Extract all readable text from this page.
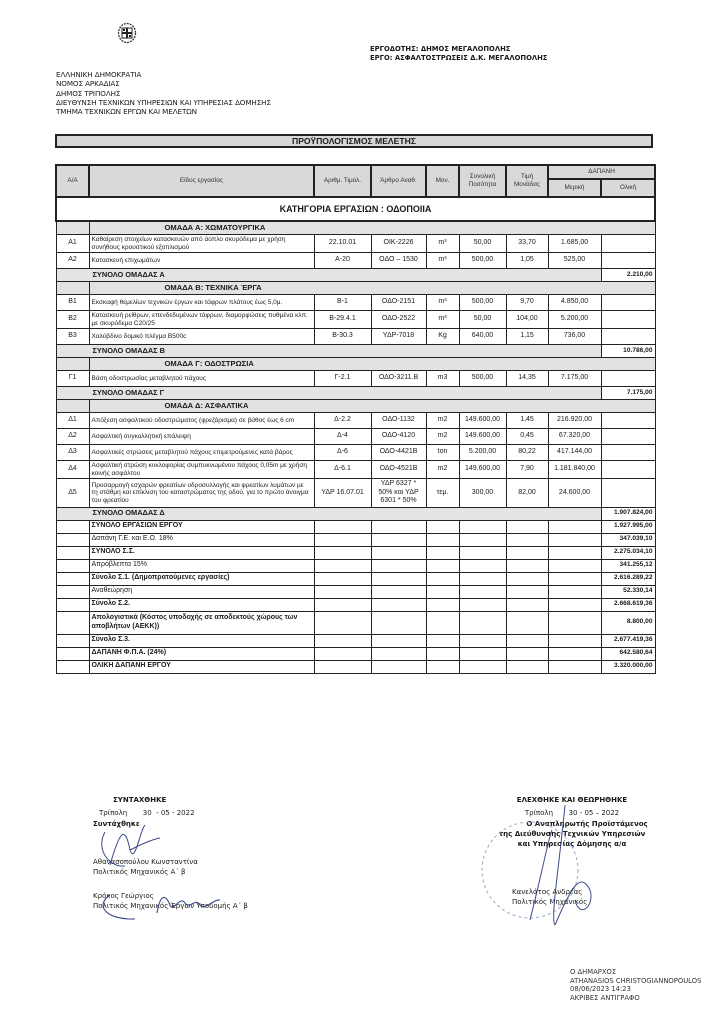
ΕΛΛΗΝΙΚΗ ΔΗΜΟΚΡΑΤΙΑ
ΝΟΜΟΣ ΑΡΚΑΔΙΑΣ
ΔΗΜΟΣ ΤΡΙΠΟΛΗΣ
ΔΙΕΥΘΥΝΣΗ ΤΕΧΝΙΚΩΝ ΥΠΗΡΕΣΙΩΝ ΚΑΙ ΥΠΗΡΕΣΙΑΣ ΔΟΜΗΣΗΣ
ΤΜΗΜΑ ΤΕΧΝΙΚΩΝ ΕΡΓΩΝ ΚΑΙ ΜΕΛΕΤΩΝ
ΕΡΓΟΔΟΤΗΣ: ΔΗΜΟΣ ΜΕΓΑΛΟΠΟΛΗΣ
ΕΡΓΟ: ΑΣΦΑΛΤΟΣΤΡΩΣΕΙΣ Δ.Κ. ΜΕΓΑΛΟΠΟΛΗΣ
ΠΡΟΫΠΟΛΟΓΙΣΜΟΣ ΜΕΛΕΤΗΣ
Α/Α	Είδος εργασίας	Αριθμ. Τιμολ.	Άρθρο Αναθ.	Μον.	Συνολική Ποσότητα	Τιμή Μονάδας	ΔΑΠΑΝΗ	
							Μερική	Ολική
ΚΑΤΗΓΟΡΙΑ ΕΡΓΑΣΙΩΝ : ΟΔΟΠΟΙΙΑ								
	ΟΜΑΔΑ Α: ΧΩΜΑΤΟΥΡΓΙΚΑ							
Α1	Καθαίρεση στοιχείων κατασκευών από άοπλο σκυρόδεμα με χρήση συνήθους κρουστικού εξοπλισμού	22.10.01	ΟΙΚ-2226	m³	50,00	33,70	1.685,00	
Α2	Κατασκευή επιχωμάτων	Α-20	ΟΔΟ – 1530	m³	500,00	1,05	525,00	
ΣΥΝΟΛΟ ΟΜΑΔΑΣ Α								2.210,00
	ΟΜΑΔΑ Β: ΤΕΧΝΙΚΑ ΈΡΓΑ							
Β1	Εκσκαφή θεμελίων τεχνικών έργων και τάφρων πλάτους έως 5,0μ.	Β-1	ΟΔΟ-2151	m³	500,00	9,70	4.850,00	
Β2	Κατασκευή ρείθρων, επενδεδυμένων τάφρων, διαμορφώσεις πυθμένα κλπ. με σκυρόδεμα C20/25	Β-29.4.1	ΟΔΟ-2522	m³	50,00	104,00	5.200,00	
Β3	Χαλύβδινο δομικό πλέγμα Β500c	Β-30.3	ΥΔΡ-7018	Kg	640,00	1,15	736,00	
ΣΥΝΟΛΟ ΟΜΑΔΑΣ Β								10.786,00
	ΟΜΑΔΑ Γ: ΟΔΟΣΤΡΩΣΙΑ							
Γ1	Βάση οδοστρωσίας μεταβλητού πάχους	Γ-2.1	ΟΔΟ-3211.Β	m3	500,00	14,35	7.175,00	
ΣΥΝΟΛΟ ΟΜΑΔΑΣ Γ								7.175,00
	ΟΜΑΔΑ Δ: ΑΣΦΑΛΤΙΚΑ							
Δ1	Απόξεση ασφαλτικού οδοστρώματος (φρεζάρισμα) σε βάθος έως 6 cm	Δ-2.2	ΟΔΟ-1132	m2	149.600,00	1,45	216.920,00	
Δ2	Ασφαλτική συγκολλητική επάλειψη	Δ-4	ΟΔΟ-4120	m2	149.600,00	0,45	67.320,00	
Δ3	Ασφαλτικές στρώσεις μεταβλητού πάχους επιμετρούμενες κατά βάρος	Δ-6	ΟΔΟ-4421Β	ton	5.200,00	80,22	417.144,00	
Δ4	Ασφαλτική στρώση κυκλοφορίας συμπυκνωμένου πάχους 0,05m με χρήση κοινής ασφάλτου	Δ-6.1	ΟΔΟ-4521Β	m2	149.600,00	7,90	1.181.840,00	
Δ5	Προσαρμογή εσχαρών φρεατίων υδροσυλλογής και φρεατίων λυμάτων με τη στάθμη και επίκλιση του καταστρώματος της οδού, για το πρώτο άνοιγμα του φρεατίου	ΥΔΡ 16.07.01	ΥΔΡ 6327 * 50% και ΥΔΡ 6301 * 50%	τεμ.	300,00	82,00	24.600,00	
ΣΥΝΟΛΟ ΟΜΑΔΑΣ Δ								1.907.824,00
	ΣΥΝΟΛΟ ΕΡΓΑΣΙΩΝ ΕΡΓΟΥ							1.927.995,00
	Δαπάνη Γ.Ε. και Ε.Ο. 18%							347.039,10
	ΣΥΝΟΛΟ Σ.Σ.							2.275.034,10
	Απρόβλεπτα 15%							341.255,12
	Σύνολο Σ.1. (Δημοπρατούμενες εργασίες)							2.616.289,22
	Αναθεώρηση							52.330,14
	Σύνολο Σ.2.							2.668.619,36
	Απολογιστικά (Κόστος υποδοχής σε αποδεκτούς χώρους των αποβλήτων (ΑΕΚΚ))							8.800,00
	Σύνολο Σ.3.							2.677.419,36
	ΔΑΠΑΝΗ Φ.Π.Α. (24%)							642.580,64
	ΟΛΙΚΗ ΔΑΠΑΝΗ ΕΡΓΟΥ							3.320.000,00
ΣΥΝΤΑΧΘΗΚΕ
Τρίπολη       30  - 05 - 2022
Συντάχθηκε
Αθανασοπούλου Κωνσταντίνα
Πολιτικός Μηχανικός Α΄ β
Κρόκος Γεώργιος
Πολιτικός Μηχανικός Έργων Υποδομής Α΄ β
ΕΛΕΧΘΗΚΕ ΚΑΙ ΘΕΩΡΗΘΗΚΕ
Τρίπολη       30 - 05 – 2022
Ο Αναπληρωτής Προϊστάμενος
της Διεύθυνσης Τεχνικών Υπηρεσιών
και Υπηρεσίας Δόμησης α/α
Κανελάτος Ανδρέας
Πολιτικός Μηχανικός
Ο ΔΗΜΑΡΧΟΣ
ATHANASIOS CHRISTOGIANNOPOULOS
08/06/2023 14:23
ΑΚΡΙΒΕΣ ΑΝΤΙΓΡΑΦΟ
